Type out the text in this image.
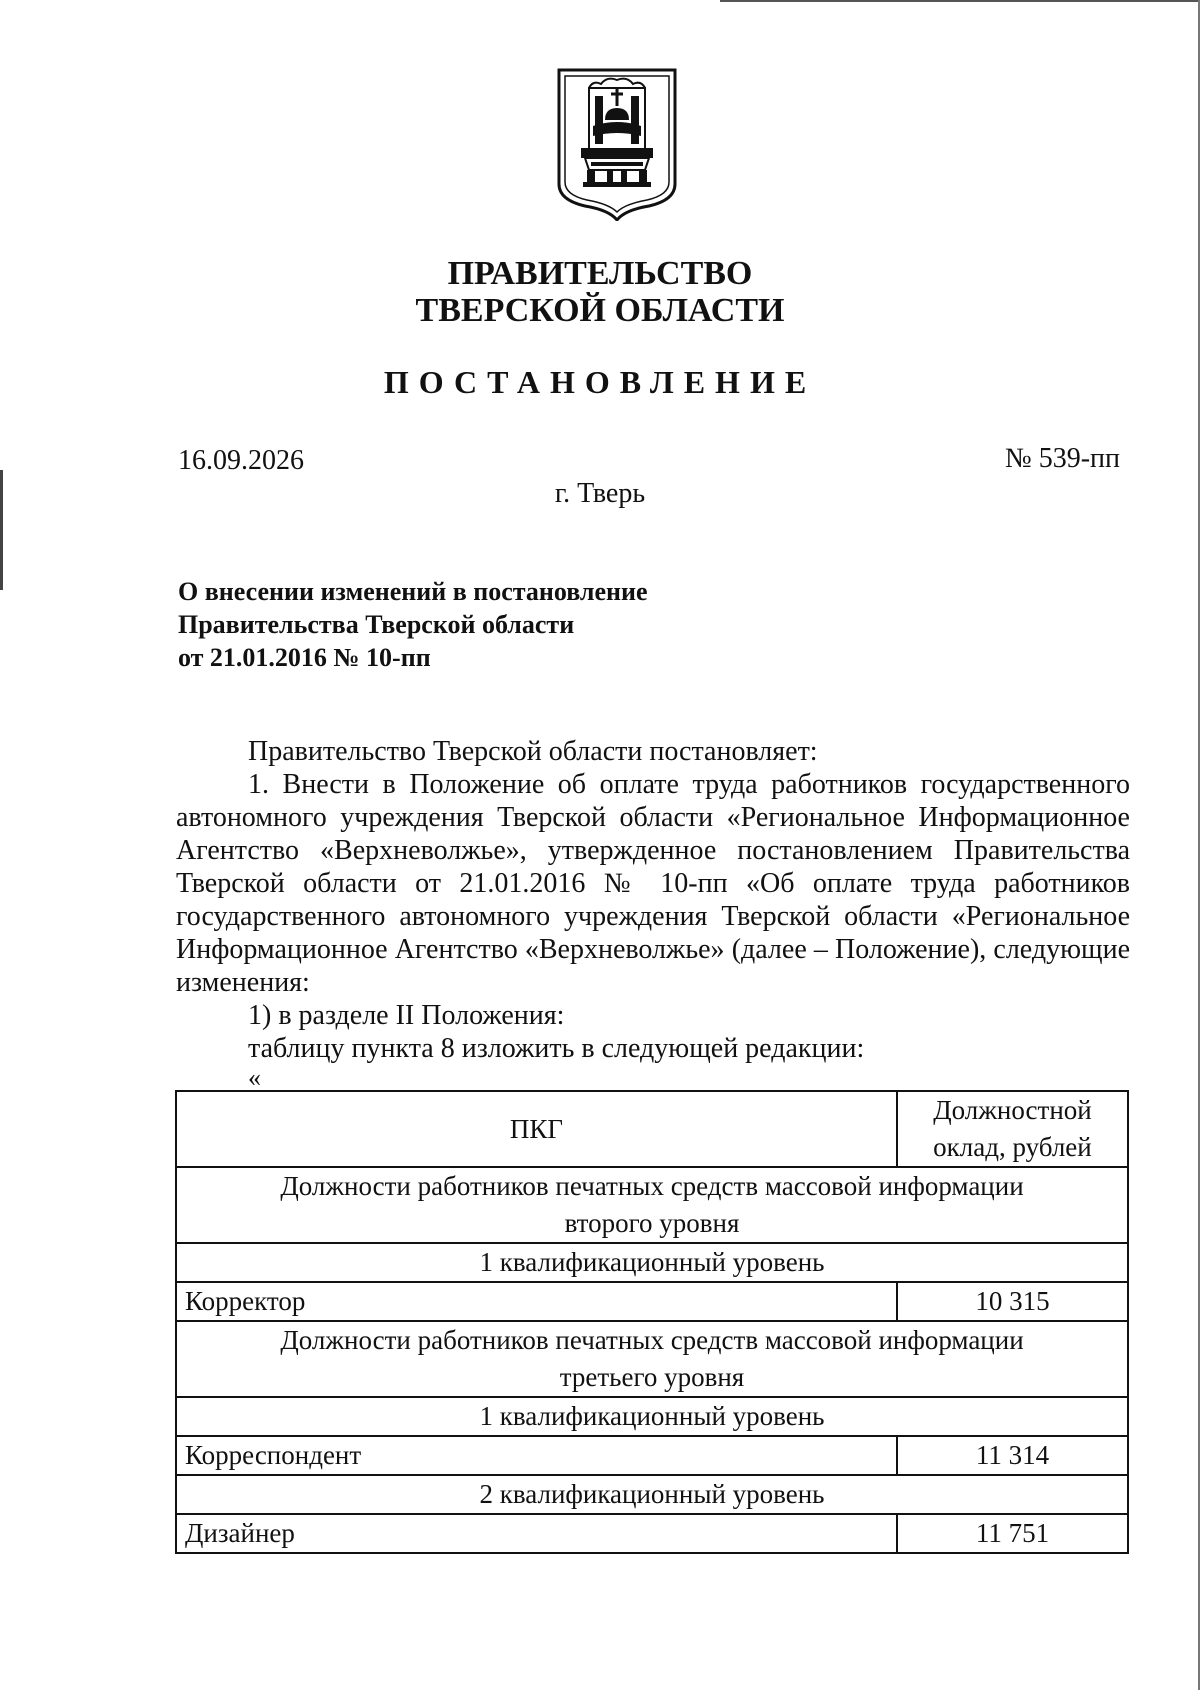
ПРАВИТЕЛЬСТВО
ТВЕРСКОЙ ОБЛАСТИ
ПОСТАНОВЛЕНИЕ
16.09.2026	№ 539-пп
г. Тверь
О внесении изменений в постановление
Правительства Тверской области
от 21.01.2016 № 10-пп

Правительство Тверской области постановляет:

1. Внести в Положение об оплате труда работников государственного автономного учреждения Тверской области «Региональное Информационное Агентство «Верхневолжье», утвержденное постановлением Правительства Тверской области от 21.01.2016 № 10-пп «Об оплате труда работников государственного автономного учреждения Тверской области «Региональное Информационное Агентство «Верхневолжье» (далее – Положение), следующие изменения:

1) в разделе II Положения:

таблицу пункта 8 изложить в следующей редакции:

«
ПКГ	Должностной
оклад, рублей

Должности работников печатных средств массовой информации
второго уровня	

1 квалификационный уровень	
Корректор	10 315

Должности работников печатных средств массовой информации
третьего уровня	

1 квалификационный уровень	
Корреспондент	11 314
2 квалификационный уровень	
Дизайнер	11 751
